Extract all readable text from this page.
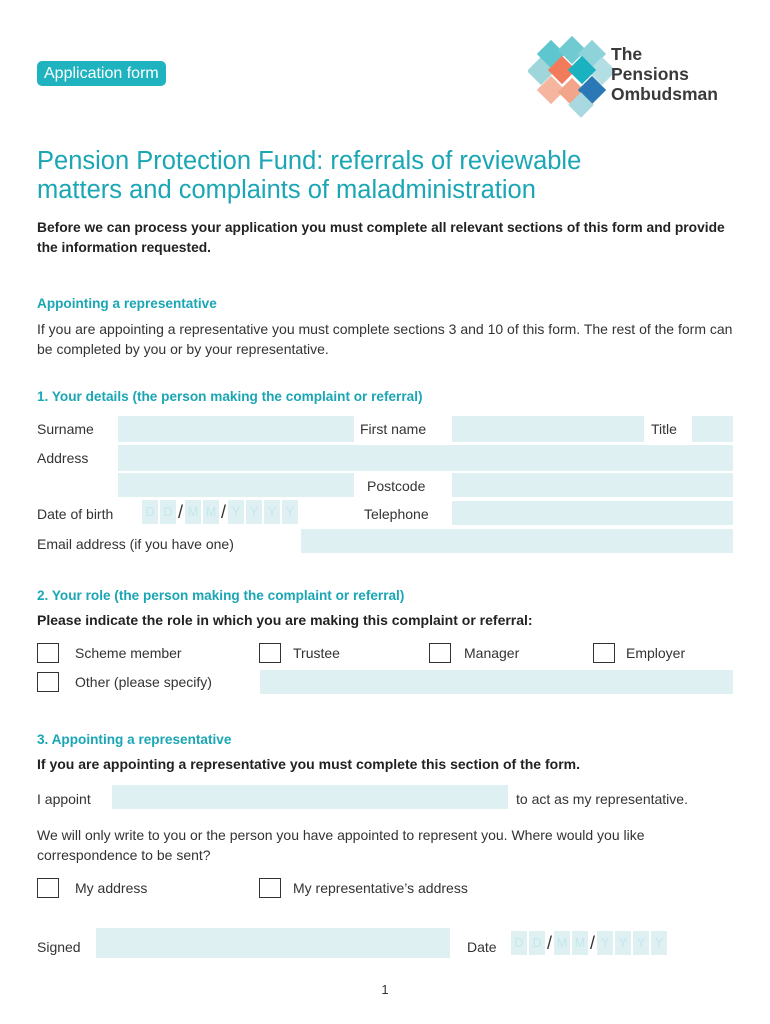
Application form
The
Pensions
Ombudsman
Pension Protection Fund: referrals of reviewable
matters and complaints of maladministration
Before we can process your application you must complete all relevant sections of this form and provide the information requested.
Appointing a representative
If you are appointing a representative you must complete sections 3 and 10 of this form. The rest of the form can be completed by you or by your representative.
1. Your details (the person making the complaint or referral)
Surname	First name	Title
Address
Postcode
Date of birth	D D / M M / Y Y Y Y	Telephone
Email address (if you have one)
2. Your role (the person making the complaint or referral)
Please indicate the role in which you are making this complaint or referral:
Scheme member	Trustee	Manager	Employer
Other (please specify)
3. Appointing a representative
If you are appointing a representative you must complete this section of the form.
I appoint	to act as my representative.
We will only write to you or the person you have appointed to represent you. Where would you like correspondence to be sent?
My address	My representative’s address
Signed	Date D D / M M / Y Y Y Y
1
